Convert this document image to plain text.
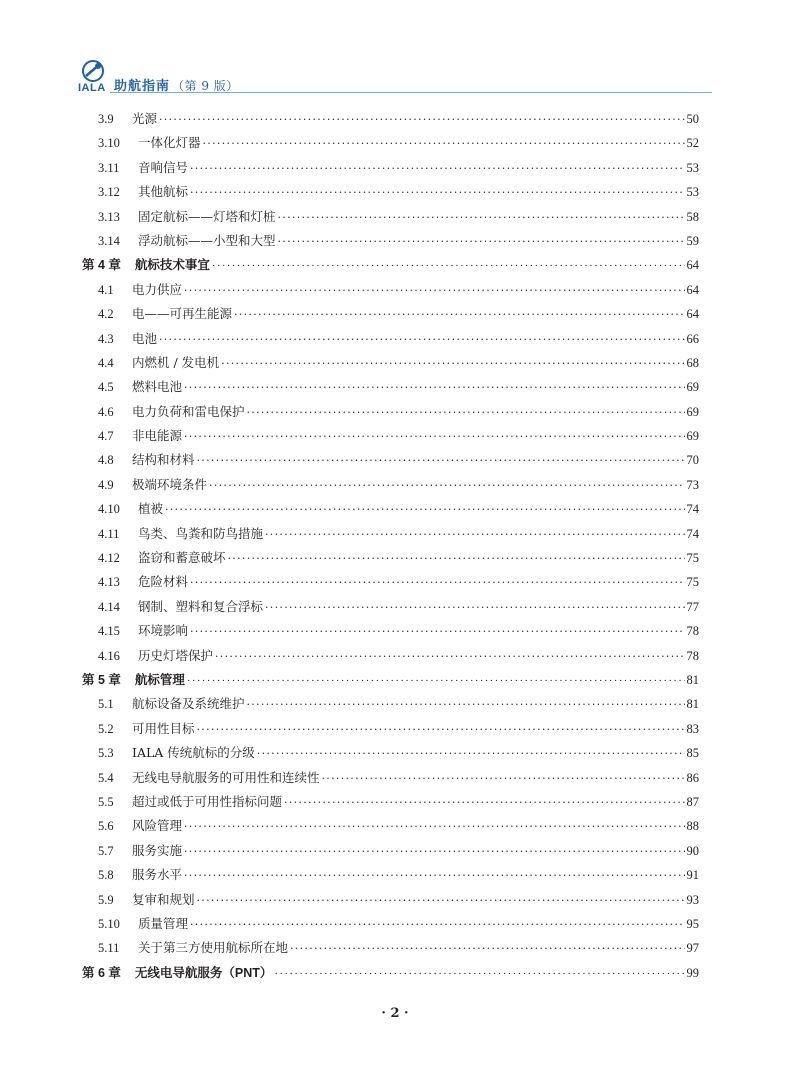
IALA 助航指南 （第 9 版）
3.9	光源 ·····	50
3.10	一体化灯器 ·····	52
3.11	音响信号 ·····	53
3.12	其他航标 ·····	53
3.13	固定航标——灯塔和灯桩 ·····	58
3.14	浮动航标——小型和大型 ·····	59
第 4 章 航标技术事宜 ·····	64
4.1	电力供应 ·····	64
4.2	电——可再生能源 ·····	64
4.3	电池 ·····	66
4.4	内燃机 / 发电机 ·····	68
4.5	燃料电池 ·····	69
4.6	电力负荷和雷电保护 ·····	69
4.7	非电能源 ·····	69
4.8	结构和材料 ·····	70
4.9	极端环境条件 ·····	73
4.10	植被 ·····	74
4.11	鸟类、鸟粪和防鸟措施 ·····	74
4.12	盗窃和蓄意破坏 ·····	75
4.13	危险材料 ·····	75
4.14	钢制、塑料和复合浮标 ·····	77
4.15	环境影响 ·····	78
4.16	历史灯塔保护 ·····	78
第 5 章 航标管理 ·····	81
5.1	航标设备及系统维护 ·····	81
5.2	可用性目标 ·····	83
5.3	IALA 传统航标的分级 ·····	85
5.4	无线电导航服务的可用性和连续性 ·····	86
5.5	超过或低于可用性指标问题 ·····	87
5.6	风险管理 ·····	88
5.7	服务实施 ·····	90
5.8	服务水平 ·····	91
5.9	复审和规划 ·····	93
5.10	质量管理 ·····	95
5.11	关于第三方使用航标所在地 ·····	97
第 6 章 无线电导航服务（PNT） ·····	99
· 2 ·
